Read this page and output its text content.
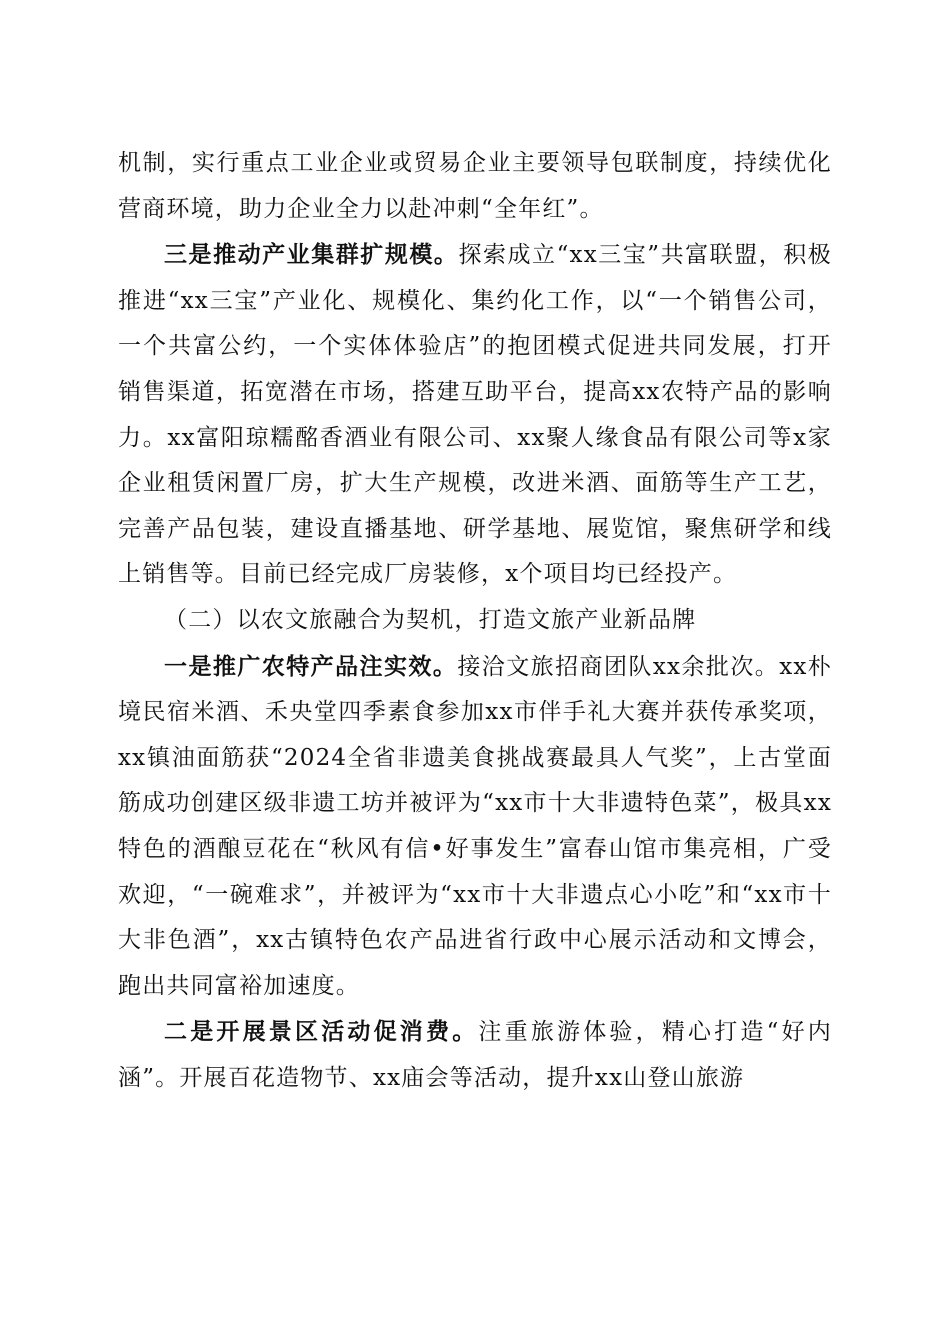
机制，实行重点工业企业或贸易企业主要领导包联制度，持续优化营商环境，助力企业全力以赴冲刺“全年红”。

三是推动产业集群扩规模。探索成立“xx三宝”共富联盟，积极推进“xx三宝”产业化、规模化、集约化工作，以“一个销售公司，一个共富公约，一个实体体验店”的抱团模式促进共同发展，打开销售渠道，拓宽潜在市场，搭建互助平台，提高xx农特产品的影响力。xx富阳琼糯酩香酒业有限公司、xx聚人缘食品有限公司等x家企业租赁闲置厂房，扩大生产规模，改进米酒、面筋等生产工艺，完善产品包装，建设直播基地、研学基地、展览馆，聚焦研学和线上销售等。目前已经完成厂房装修，x个项目均已经投产。

（二）以农文旅融合为契机，打造文旅产业新品牌

一是推广农特产品注实效。接洽文旅招商团队xx余批次。xx朴境民宿米酒、禾央堂四季素食参加xx市伴手礼大赛并获传承奖项，xx镇油面筋获“2024全省非遗美食挑战赛最具人气奖”，上古堂面筋成功创建区级非遗工坊并被评为“xx市十大非遗特色菜”，极具xx特色的酒酿豆花在“秋风有信•好事发生”富春山馆市集亮相，广受欢迎，“一碗难求”，并被评为“xx市十大非遗点心小吃”和“xx市十大非色酒”，xx古镇特色农产品进省行政中心展示活动和文博会，跑出共同富裕加速度。

二是开展景区活动促消费。注重旅游体验，精心打造“好内涵”。开展百花造物节、xx庙会等活动，提升xx山登山旅游
